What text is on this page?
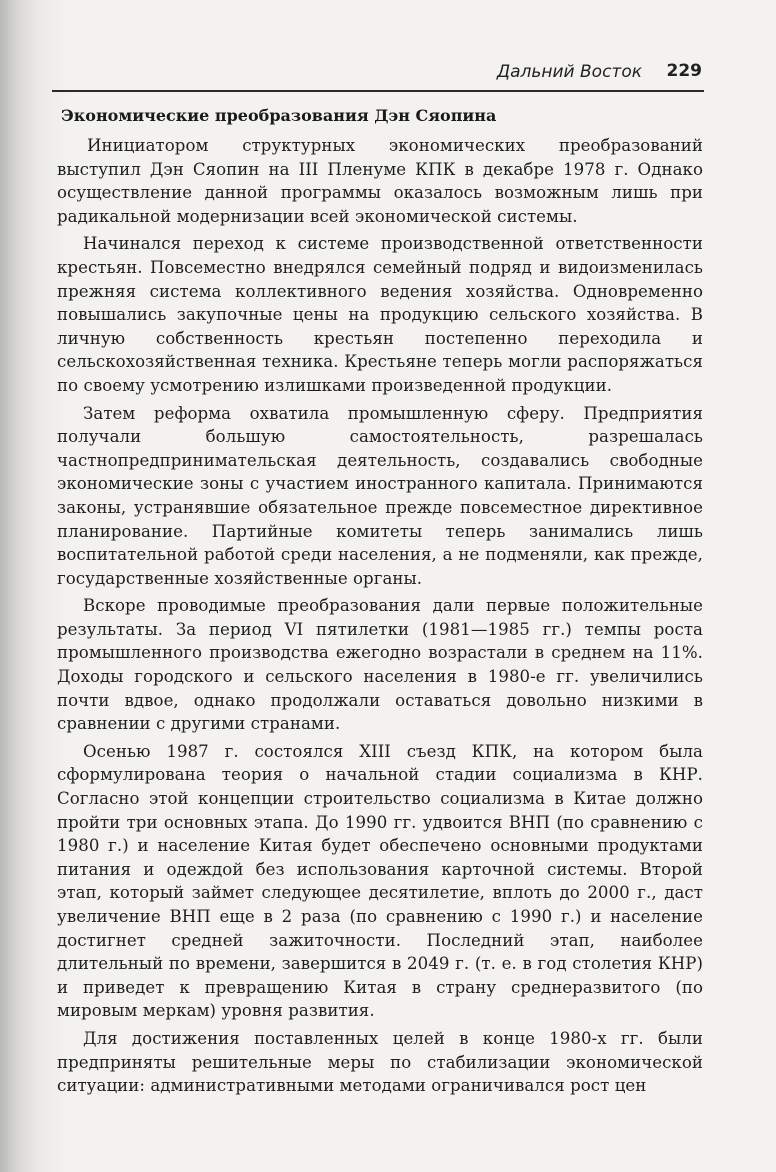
Дальний Восток 229
Экономические преобразования Дэн Сяопина

Инициатором структурных экономических преобразований выступил Дэн Сяопин на III Пленуме КПК в декабре 1978 г. Однако осуществление данной программы оказалось возможным лишь при радикальной модернизации всей экономической системы.

Начинался переход к системе производственной ответственности крестьян. Повсеместно внедрялся семейный подряд и видоизменилась прежняя система коллективного ведения хозяйства. Одновременно повышались закупочные цены на продукцию сельского хозяйства. В личную собственность крестьян постепенно переходила и сельскохозяйственная техника. Крестьяне теперь могли распоряжаться по своему усмотрению излишками произведенной продукции.

Затем реформа охватила промышленную сферу. Предприятия получали большую самостоятельность, разрешалась частнопредпринимательская деятельность, создавались свободные экономические зоны с участием иностранного капитала. Принимаются законы, устранявшие обязательное прежде повсеместное директивное планирование. Партийные комитеты теперь занимались лишь воспитательной работой среди населения, а не подменяли, как прежде, государственные хозяйственные органы.

Вскоре проводимые преобразования дали первые положительные результаты. За период VI пятилетки (1981—1985 гг.) темпы роста промышленного производства ежегодно возрастали в среднем на 11%. Доходы городского и сельского населения в 1980-е гг. увеличились почти вдвое, однако продолжали оставаться довольно низкими в сравнении с другими странами.

Осенью 1987 г. состоялся XIII съезд КПК, на котором была сформулирована теория о начальной стадии социализма в КНР. Согласно этой концепции строительство социализма в Китае должно пройти три основных этапа. До 1990 гг. удвоится ВНП (по сравнению с 1980 г.) и население Китая будет обеспечено основными продуктами питания и одеждой без использования карточной системы. Второй этап, который займет следующее десятилетие, вплоть до 2000 г., даст увеличение ВНП еще в 2 раза (по сравнению с 1990 г.) и население достигнет средней зажиточности. Последний этап, наиболее длительный по времени, завершится в 2049 г. (т. е. в год столетия КНР) и приведет к превращению Китая в страну среднеразвитого (по мировым меркам) уровня развития.

Для достижения поставленных целей в конце 1980-х гг. были предприняты решительные меры по стабилизации экономической ситуации: административными методами ограничивался рост цен
